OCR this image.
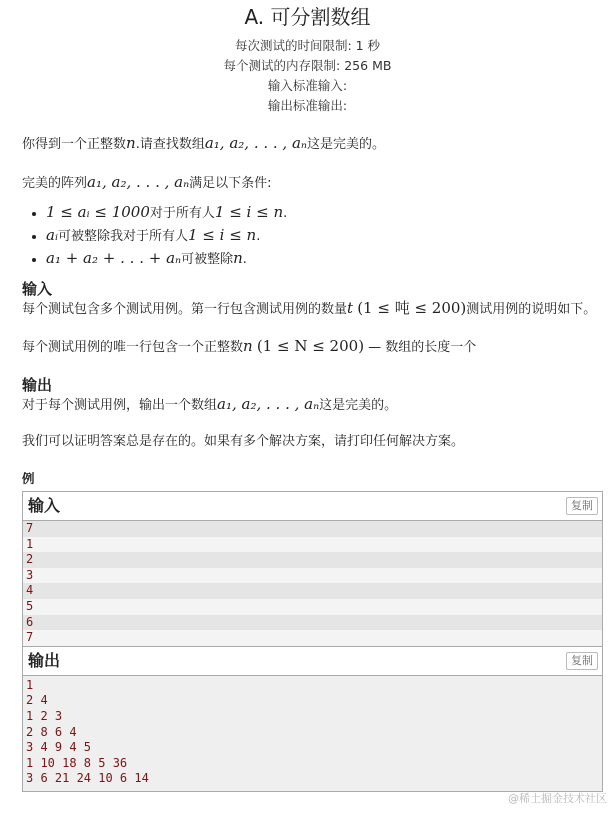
A. 可分割数组
每次测试的时间限制: 1 秒
每个测试的内存限制: 256 MB
输入标准输入:
输出标准输出:

你得到一个正整数n.请查找数组a₁, a₂, . . . , aₙ这是完美的。

完美的阵列a₁, a₂, . . . , aₙ满足以下条件:

• 1 ≤ aᵢ ≤ 1000对于所有人1 ≤ i ≤ n.
• aᵢ可被整除我对于所有人1 ≤ i ≤ n.
• a₁ + a₂ + . . . + aₙ可被整除n.
输入

每个测试包含多个测试用例。第一行包含测试用例的数量t (1 ≤ 吨 ≤ 200)测试用例的说明如下。

每个测试用例的唯一行包含一个正整数n (1 ≤ N ≤ 200) — 数组的长度一个

输出

对于每个测试用例，输出一个数组a₁, a₂, . . . , aₙ这是完美的。

我们可以证明答案总是存在的。如果有多个解决方案，请打印任何解决方案。

例
输入	复制
7
1
2
3
4
5
6
7
输出	复制
1
2 4
1 2 3
2 8 6 4
3 4 9 4 5
1 10 18 8 5 36
3 6 21 24 10 6 14
@稀土掘金技术社区
